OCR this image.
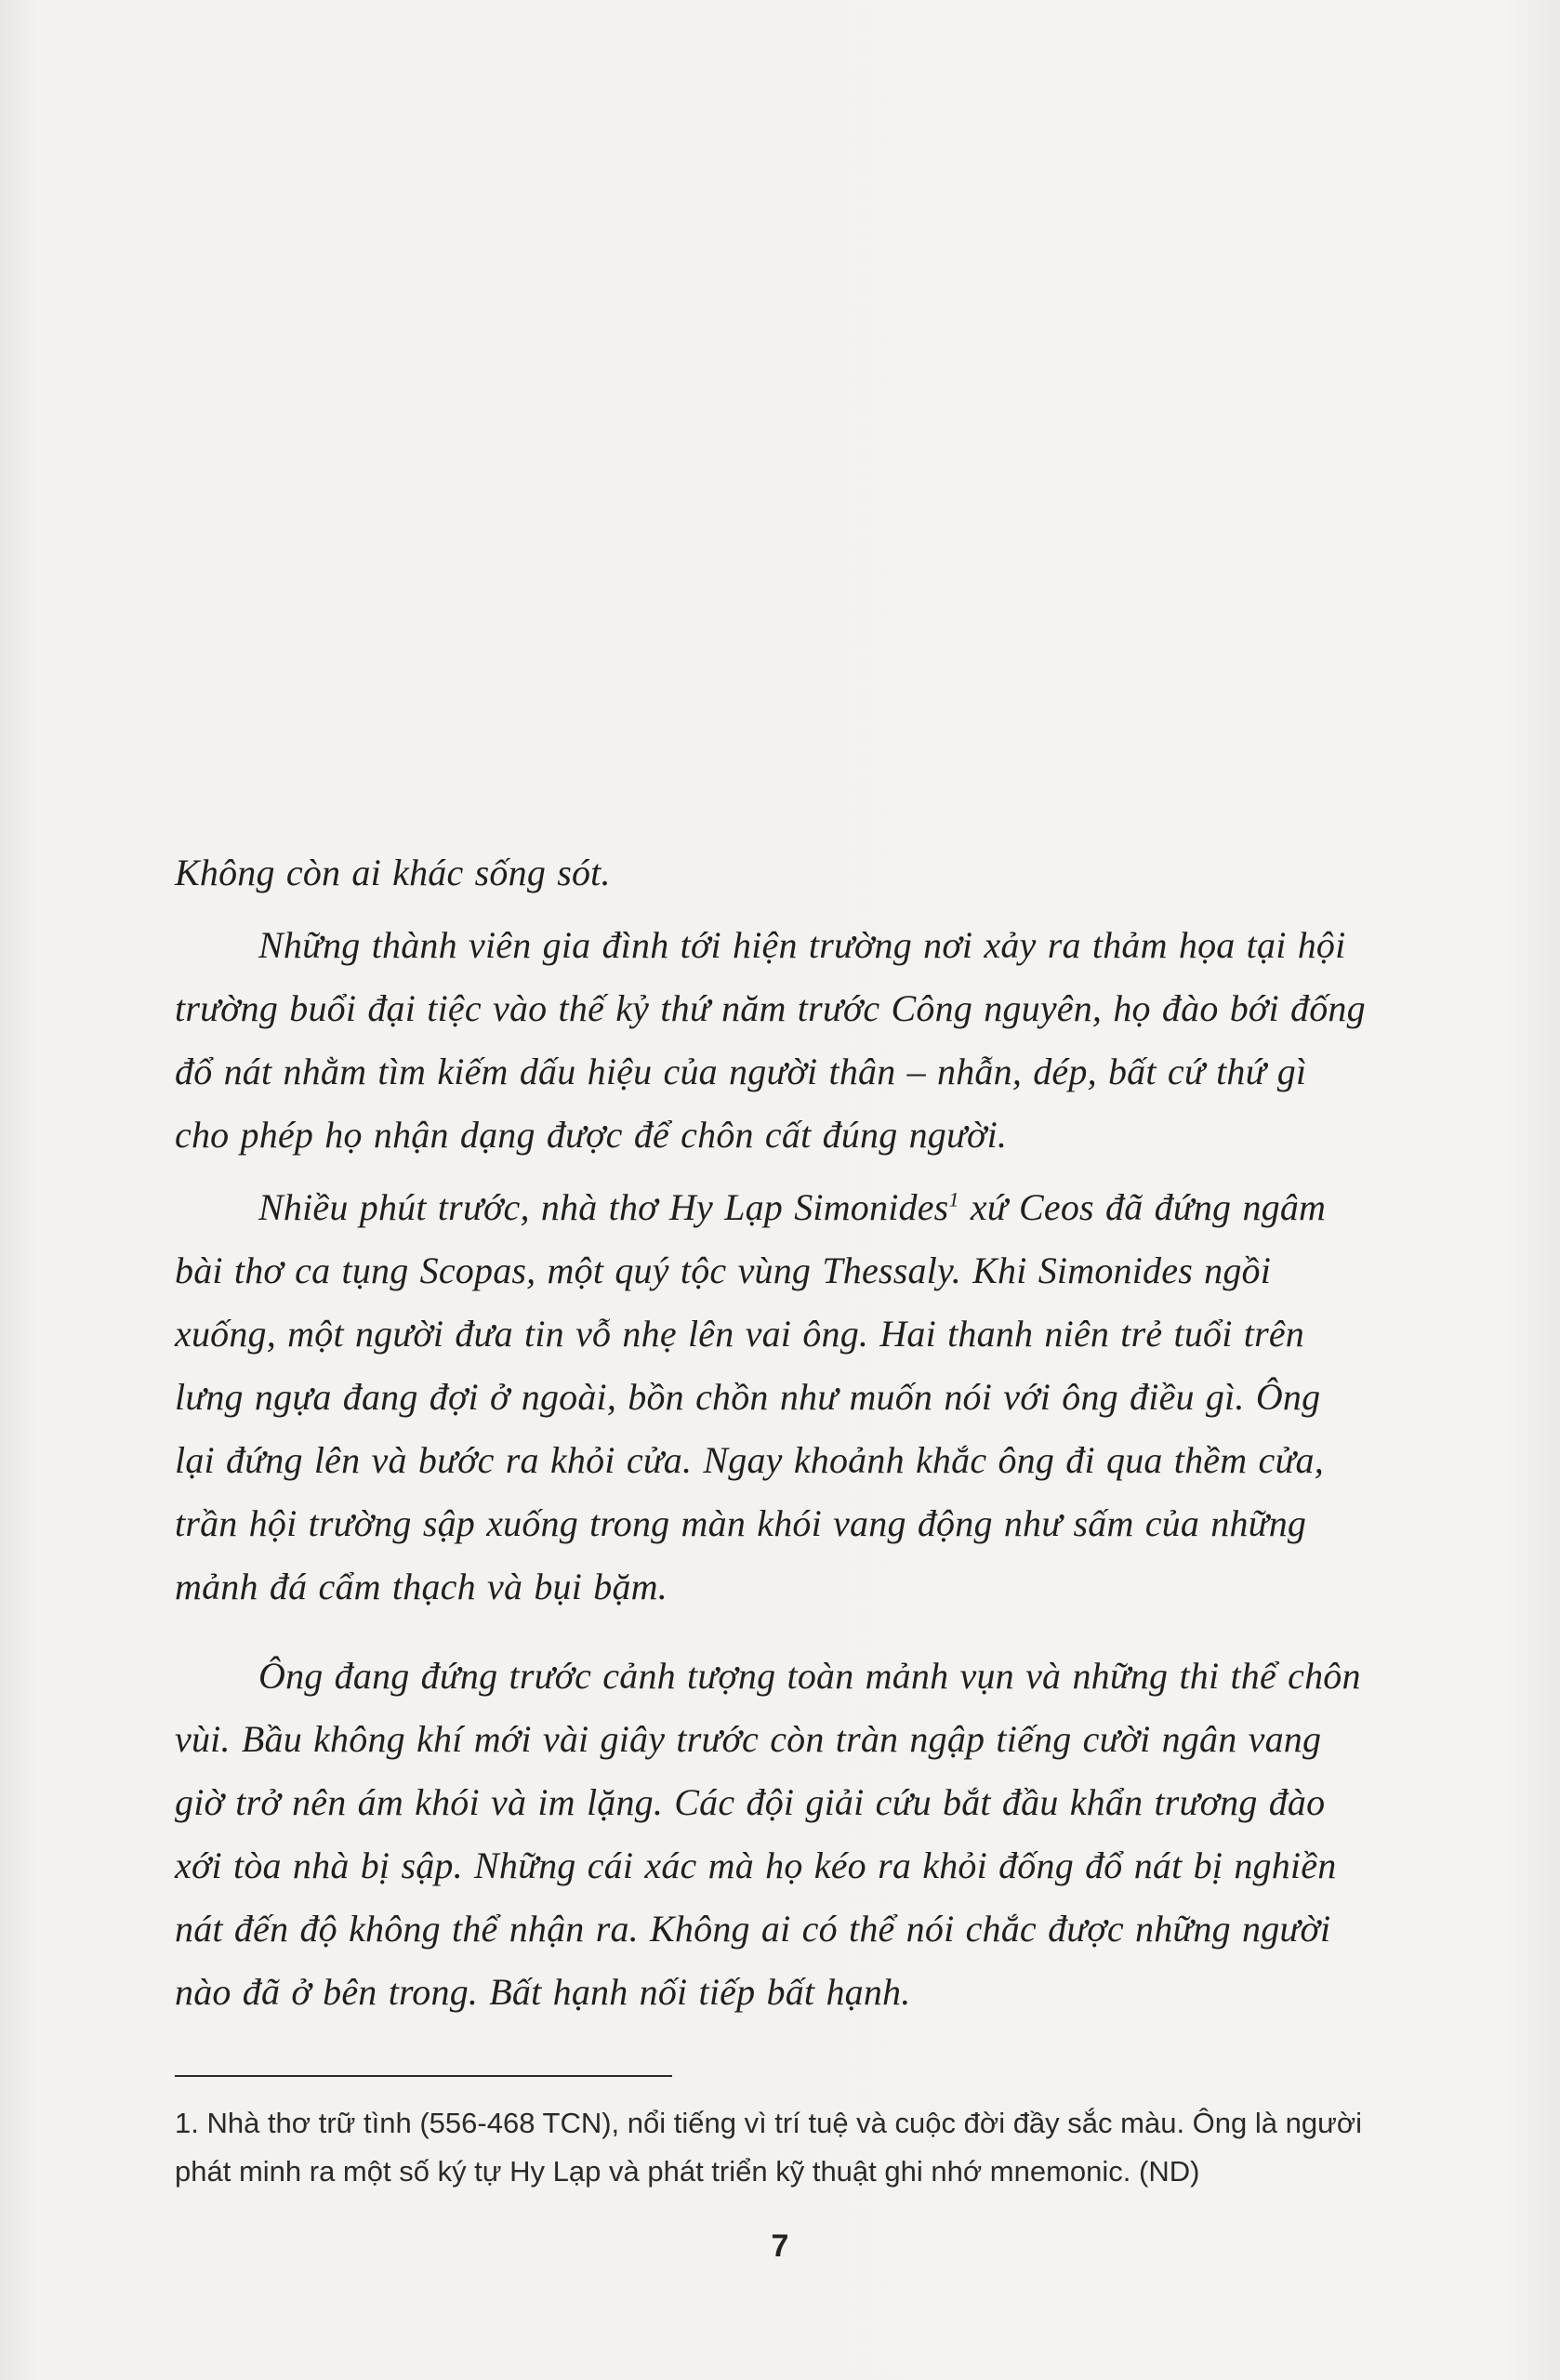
Không còn ai khác sống sót.

Những thành viên gia đình tới hiện trường nơi xảy ra thảm họa tại hội trường buổi đại tiệc vào thế kỷ thứ năm trước Công nguyên, họ đào bới đống đổ nát nhằm tìm kiếm dấu hiệu của người thân – nhẫn, dép, bất cứ thứ gì cho phép họ nhận dạng được để chôn cất đúng người.

Nhiều phút trước, nhà thơ Hy Lạp Simonides$^1$ xứ Ceos đã đứng ngâm bài thơ ca tụng Scopas, một quý tộc vùng Thessaly. Khi Simonides ngồi xuống, một người đưa tin vỗ nhẹ lên vai ông. Hai thanh niên trẻ tuổi trên lưng ngựa đang đợi ở ngoài, bồn chồn như muốn nói với ông điều gì. Ông lại đứng lên và bước ra khỏi cửa. Ngay khoảnh khắc ông đi qua thềm cửa, trần hội trường sập xuống trong màn khói vang động như sấm của những mảnh đá cẩm thạch và bụi bặm.

Ông đang đứng trước cảnh tượng toàn mảnh vụn và những thi thể chôn vùi. Bầu không khí mới vài giây trước còn tràn ngập tiếng cười ngân vang giờ trở nên ám khói và im lặng. Các đội giải cứu bắt đầu khẩn trương đào xới tòa nhà bị sập. Những cái xác mà họ kéo ra khỏi đống đổ nát bị nghiền nát đến độ không thể nhận ra. Không ai có thể nói chắc được những người nào đã ở bên trong. Bất hạnh nối tiếp bất hạnh.

1. Nhà thơ trữ tình (556-468 TCN), nổi tiếng vì trí tuệ và cuộc đời đầy sắc màu. Ông là người phát minh ra một số ký tự Hy Lạp và phát triển kỹ thuật ghi nhớ mnemonic. (ND)

7
